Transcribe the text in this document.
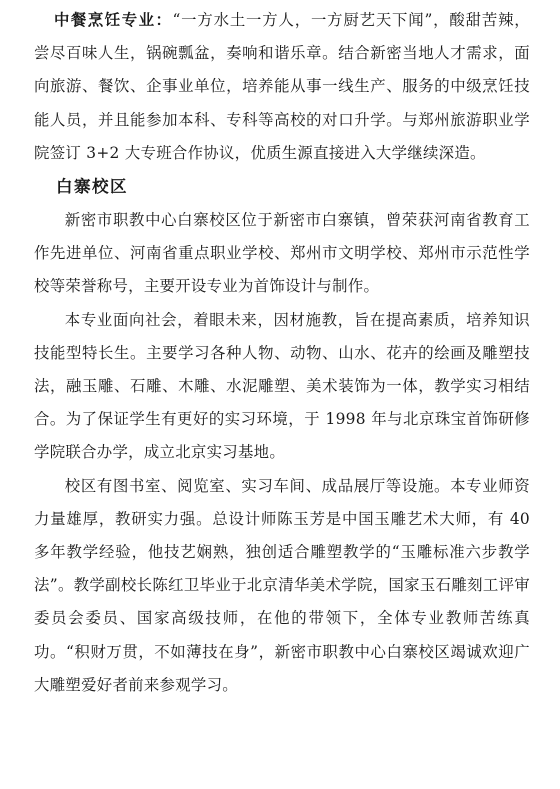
中餐烹饪专业：“一方水土一方人，一方厨艺天下闻”，酸甜苦辣，尝尽百味人生，锅碗瓢盆，奏响和谐乐章。结合新密当地人才需求，面向旅游、餐饮、企事业单位，培养能从事一线生产、服务的中级烹饪技能人员，并且能参加本科、专科等高校的对口升学。与郑州旅游职业学院签订 3+2 大专班合作协议，优质生源直接进入大学继续深造。

白寨校区

新密市职教中心白寨校区位于新密市白寨镇，曾荣获河南省教育工作先进单位、河南省重点职业学校、郑州市文明学校、郑州市示范性学校等荣誉称号，主要开设专业为首饰设计与制作。

本专业面向社会，着眼未来，因材施教，旨在提高素质，培养知识技能型特长生。主要学习各种人物、动物、山水、花卉的绘画及雕塑技法，融玉雕、石雕、木雕、水泥雕塑、美术装饰为一体，教学实习相结合。为了保证学生有更好的实习环境，于 1998 年与北京珠宝首饰研修学院联合办学，成立北京实习基地。

校区有图书室、阅览室、实习车间、成品展厅等设施。本专业师资力量雄厚，教研实力强。总设计师陈玉芳是中国玉雕艺术大师，有 40 多年教学经验，他技艺娴熟，独创适合雕塑教学的“玉雕标准六步教学法”。教学副校长陈红卫毕业于北京清华美术学院，国家玉石雕刻工评审委员会委员、国家高级技师，在他的带领下，全体专业教师苦练真功。“积财万贯，不如薄技在身”，新密市职教中心白寨校区竭诚欢迎广大雕塑爱好者前来参观学习。
